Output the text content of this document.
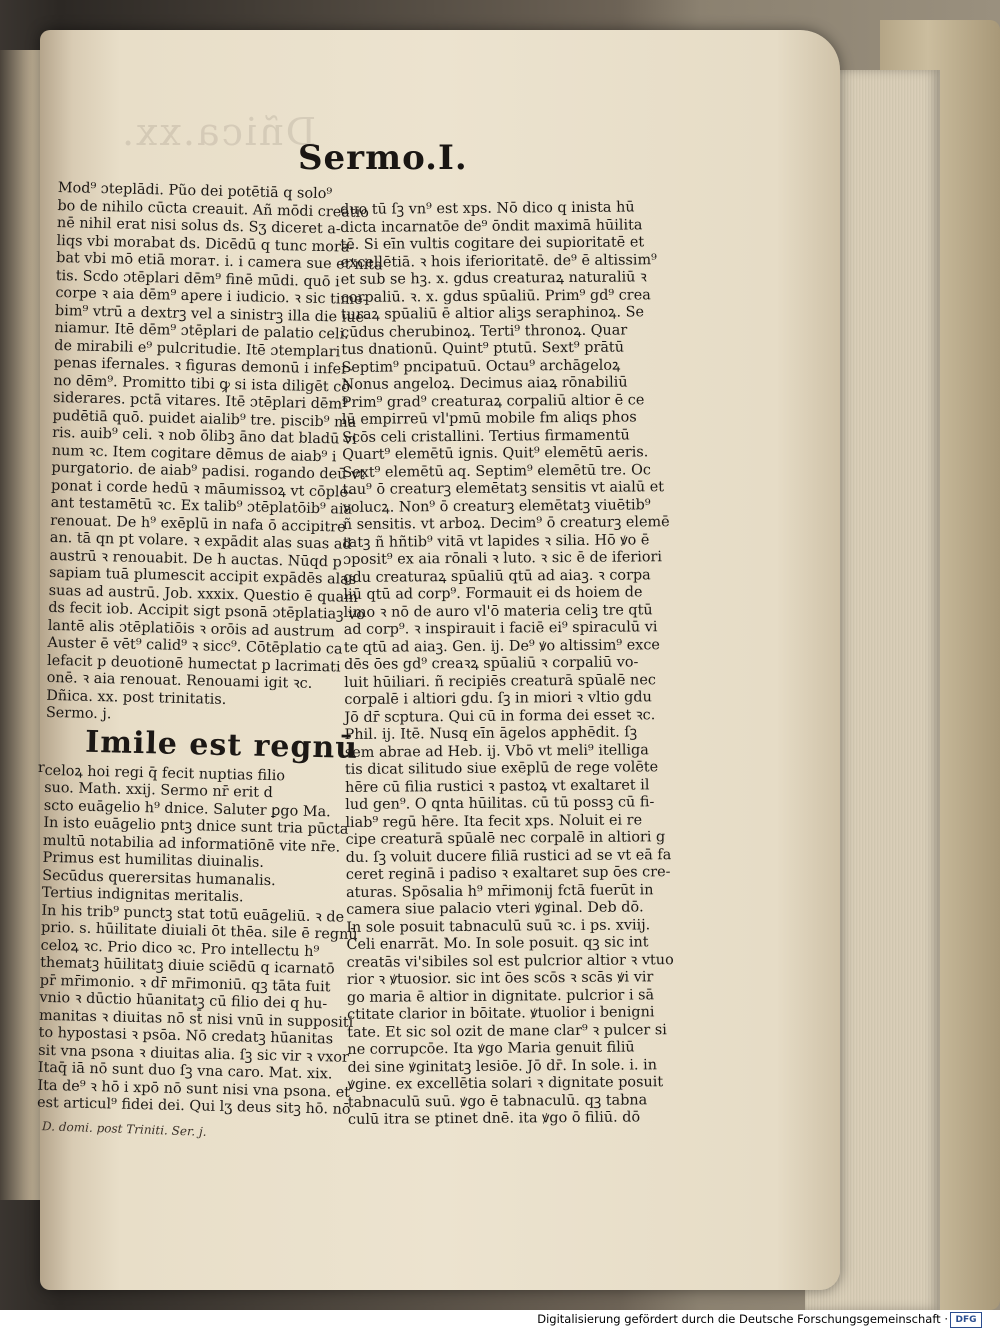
Dñica.xx.
Sermo.I.
Mod⁹ ɔteplādi. Pũo dei potētiā q solo⁹
bo de nihilo cūcta creauit. Añ mōdi creatio
nē nihil erat nisi solus ds. Sʒ diceret a-
liqs vbi morabat ds. Dicēdū q tunc mora-
bat vbi mō etiā moraт. i. i camera sue et'nita
tis. Scdo ɔtēplari dēm⁹ finē mūdi. quō i
corpe ꝛ aia dēm⁹ apere i iudicio. ꝛ sic time-
bim⁹ vtrū a dextrꝫ vel a sinistrꝫ illa die iue-
niamur. Itē dēm⁹ ɔtēplari de palatio celi.
de mirabili e⁹ pulcritudie. Itē ɔtemplari
penas ifernales. ꝛ figuras demonū i infer-
no dēm⁹. Promitto tibi ꝙ si ista diligēt cō
siderares. pctā vitares. Itē ɔtēplari dēm⁹
pudētiā quō. puidet aialib⁹ tre. piscib⁹ ma
ris. auib⁹ celi. ꝛ nob ōlibꝫ āno dat bladū vi
num ꝛc. Item cogitare dēmus de aiab⁹ i
purgatorio. de aiab⁹ padisi. rogando deū vt
ponat i corde hedū ꝛ māumissoꝝ vt cōple-
ant testamētū ꝛc. Ex talib⁹ ɔtēplatōib⁹ aia
renouat. De h⁹ exēplū in nafa ō accipitre
an. tā qn pt volare. ꝛ expādit alas suas ad
austrū ꝛ renouabit. De h auctas. Nūqd p
sapiam tuā plumescit accipit expādēs alas
suas ad austrū. Job. xxxix. Questio ē quam
ds fecit iob. Accipit sigt psonā ɔtēplatiaꝫ vo
lantē alis ɔtēplatiōis ꝛ orōis ad austrum
Auster ē vēt⁹ calid⁹ ꝛ sicc⁹. Cōtēplatio ca
lefacit p deuotionē humectat p lacrimati
onē. ꝛ aia renouat. Renouami igit ꝛc.
Dñica. xx. post trinitatis.
Sermo. j.
Imile est regnū
celoꝝ hoi regi q̄ fecit nuptias filio
suo. Math. xxij. Sermo nr̄ erit d
scto euāgelio h⁹ dnice. Saluter ꝑgo Ma.
In isto euāgelio pntꝫ dnice sunt tria pūcta
multū notabilia ad informatiōnē vite nr̄e.
Primus est humilitas diuinalis.
Secūdus querersitas humanalis.
Tertius indignitas meritalis.
In his trib⁹ punctꝫ stat totū euāgeliū. ꝛ de
prio. s. hūilitate diuiali ōt thēa. sile ē regnū
celoꝝ ꝛc. Prio dico ꝛc. Pro intellectu h⁹
thematꝫ hūilitatꝫ diuie sciēdū q icarnatō
pr̄ mr̄imonio. ꝛ dr̄ mr̄imoniū. qꝫ tāta fuit
vnio ꝛ dūctio hūanitatꝫ cū filio dei q hu-
manitas ꝛ diuitas nō st̄ nisi vnū in suppositi
to hypostasi ꝛ psōa. Nō credatꝫ hūanitas
sit vna psona ꝛ diuitas alia. ſꝫ sic vir ꝛ vxor
Itaq̄ iā nō sunt duo ſꝫ vna caro. Mat. xix.
Ita de⁹ ꝛ hō i xpō nō sunt nisi vna psona. et
est articul⁹ fidei dei. Qui lʒ deus sitꝫ hō. nō
r
duo tū ſꝫ vn⁹ est xps. Nō dico q inista hū
dicta incarnatōe de⁹ ōndit maximā hūilita
tē. Si eīn vultis cogitare dei supioritatē et
excellētiā. ꝛ hois iferioritatē. de⁹ ē altissim⁹
et sub se hꝫ. x. gdus creaturaꝝ naturaliū ꝛ
corpaliū. ꝛ. x. gdus spūaliū. Prim⁹ gd⁹ crea
turaꝝ spūaliū ē altior aliꝫs seraphinoꝝ. Se
cūdus cherubinoꝝ. Terti⁹ thronoꝝ. Quar
tus dnationū. Quint⁹ ptutū. Sext⁹ prātū
Septim⁹ pncipatuū. Octau⁹ archāgeloꝝ
Nonus angeloꝝ. Decimus aiaꝝ rōnabiliū
Prim⁹ grad⁹ creaturaꝝ corpaliū altior ē ce
lū empirreū vl'pmū mobile fm aliqs phos
Scōs celi cristallini. Tertius firmamentū
Quart⁹ elemētū ignis. Quit⁹ elemētū aeris.
Sext⁹ elemētū aq. Septim⁹ elemētū tre. Oc
tau⁹ ō creaturꝫ elemētatꝫ sensitis vt aialū et
volucꝝ. Non⁹ ō creaturꝫ elemētatꝫ viuētib⁹
ñ sensitis. vt arboꝝ. Decim⁹ ō creaturꝫ elemē
tatꝫ ñ hñtib⁹ vitā vt lapides ꝛ silia. Hō ꝟo ē
ɔposit⁹ ex aia rōnali ꝛ luto. ꝛ sic ē de iferiori
gdu creaturaꝝ spūaliū qtū ad aiaꝫ. ꝛ corpa
liū qtū ad corp⁹. Formauit ei ds hoiem de
limo ꝛ nō de auro vl'ō materia celiꝫ tre qtū
ad corp⁹. ꝛ inspirauit i faciē ei⁹ spiraculū vi
te qtū ad aiaꝫ. Gen. ij. De⁹ ꝟo altissim⁹ exce
dēs ōes gd⁹ creaꝛꝝ spūaliū ꝛ corpaliū vo-
luit hūiliari. ñ recipiēs creaturā spūalē nec
corpalē i altiori gdu. ſꝫ in miori ꝛ vltio gdu
Jō dr̄ scptura. Qui cū in forma dei esset ꝛc.
Phil. ij. Itē. Nusq eīn āgelos apphēdit. ſꝫ
sem abrae ad Heb. ij. Vbō vt meli⁹ itelliga
tis dicat silitudo siue exēplū de rege volēte
hēre cū filia rustici ꝛ pastoꝝ vt exaltaret il
lud gen⁹. O qnta hūilitas. cū tū possꝫ cū fi-
liab⁹ regū hēre. Ita fecit xps. Noluit ei re
cipe creaturā spūalē nec corpalē in altiori g
du. ſꝫ voluit ducere filiā rustici ad se vt eā fa
ceret reginā i padiso ꝛ exaltaret sup ōes cre-
aturas. Spōsalia h⁹ mr̄imonij fctā fuerūt in
camera siue palacio vteri ꝟginal. Deb dō.
In sole posuit tabnaculū suū ꝛc. i ps. xviij.
Celi enarrāt. Mo. In sole posuit. qꝫ sic int
creatās vi'sibiles sol est pulcrior altior ꝛ vtuo
rior ꝛ ꝟtuosior. sic int ōes scōs ꝛ scās ꝟi vir
go maria ē altior in dignitate. pulcrior i sā
ctitate clarior in bōitate. ꝟtuolior i benigni
tate. Et sic sol ozit de mane clar⁹ ꝛ pulcer si
ne corrupcōe. Ita ꝟgo Maria genuit filiū
dei sine ꝟginitatꝫ lesiōe. Jō dr̄. In sole. i. in
ꝟgine. ex excellētia solari ꝛ dignitate posuit
tabnaculū suū. ꝟgo ē tabnaculū. qꝫ tabna
culū itra se ptinet dnē. ita ꝟgo ō filiū. dō
D. domi. post Triniti. Ser. j.
Digitalisierung gefördert durch die Deutsche Forschungsgemeinschaft · DFG
